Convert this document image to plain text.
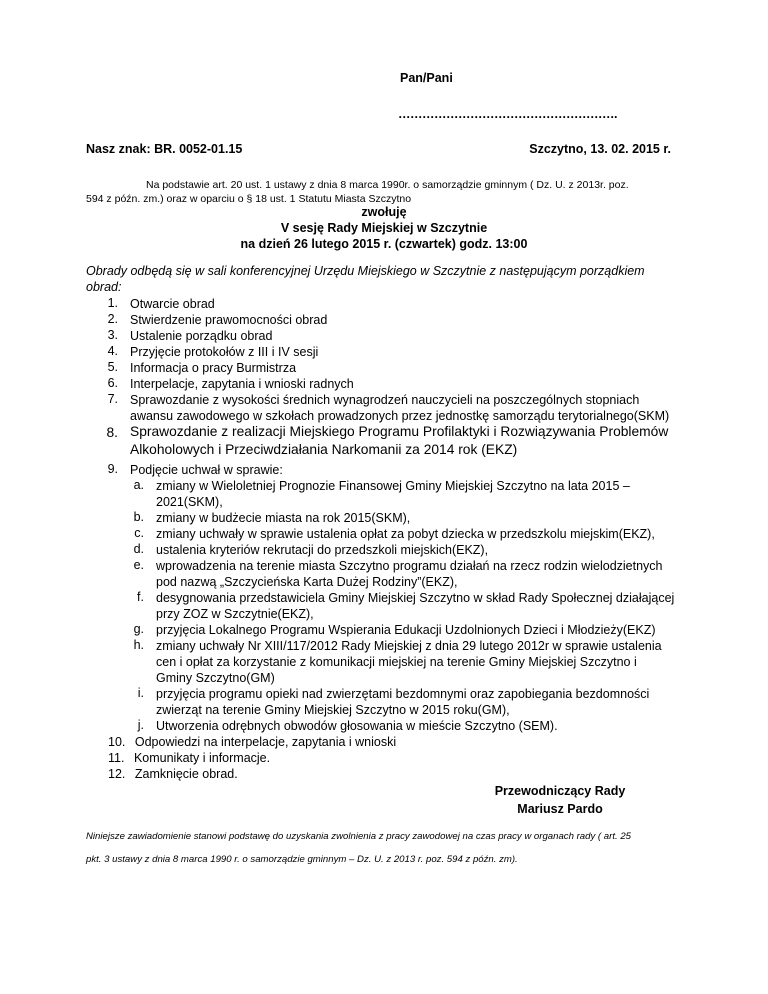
Pan/Pani
……………………………………………….
Nasz znak: BR. 0052-01.15	Szczytno, 13. 02. 2015 r.
Na podstawie art. 20 ust. 1 ustawy z dnia 8 marca 1990r. o samorządzie gminnym ( Dz. U. z 2013r. poz.
594 z późn. zm.) oraz w oparciu o § 18 ust. 1 Statutu Miasta Szczytno
zwołuję
V sesję Rady Miejskiej w Szczytnie
na dzień 26 lutego 2015 r. (czwartek) godz. 13:00
Obrady odbędą się w sali konferencyjnej Urzędu Miejskiego w Szczytnie z następującym porządkiem
obrad:
1. Otwarcie obrad
2. Stwierdzenie prawomocności obrad
3. Ustalenie porządku obrad
4. Przyjęcie protokołów z III i IV sesji
5. Informacja o pracy Burmistrza
6. Interpelacje, zapytania i wnioski radnych
7. Sprawozdanie z wysokości średnich wynagrodzeń nauczycieli na poszczególnych stopniach
awansu zawodowego w szkołach prowadzonych przez jednostkę samorządu terytorialnego(SKM)
8. Sprawozdanie z realizacji Miejskiego Programu Profilaktyki i Rozwiązywania Problemów
Alkoholowych i Przeciwdziałania Narkomanii za 2014 rok (EKZ)
9. Podjęcie uchwał w sprawie:
a. zmiany w Wieloletniej Prognozie Finansowej Gminy Miejskiej Szczytno na lata 2015 –
2021(SKM),
b. zmiany w budżecie miasta na rok 2015(SKM),
c. zmiany uchwały w sprawie ustalenia opłat za pobyt dziecka w przedszkolu miejskim(EKZ),
d. ustalenia kryteriów rekrutacji do przedszkoli miejskich(EKZ),
e. wprowadzenia na terenie miasta Szczytno programu działań na rzecz rodzin wielodzietnych
pod nazwą „Szczycieńska Karta Dużej Rodziny”(EKZ),
f. desygnowania przedstawiciela Gminy Miejskiej Szczytno w skład Rady Społecznej działającej
przy ZOZ w Szczytnie(EKZ),
g. przyjęcia Lokalnego Programu Wspierania Edukacji Uzdolnionych Dzieci i Młodzieży(EKZ)
h. zmiany uchwały Nr XIII/117/2012 Rady Miejskiej z dnia 29 lutego 2012r w sprawie ustalenia
cen i opłat za korzystanie z komunikacji miejskiej na terenie Gminy Miejskiej Szczytno i
Gminy Szczytno(GM)
i. przyjęcia programu opieki nad zwierzętami bezdomnymi oraz zapobiegania bezdomności
zwierząt na terenie Gminy Miejskiej Szczytno w 2015 roku(GM),
j. Utworzenia odrębnych obwodów głosowania w mieście Szczytno (SEM).
10. Odpowiedzi na interpelacje, zapytania i wnioski
11. Komunikaty i informacje.
12. Zamknięcie obrad.
Przewodniczący Rady
Mariusz Pardo
Niniejsze zawiadomienie stanowi podstawę do uzyskania zwolnienia z pracy zawodowej na czas pracy w organach rady ( art. 25
pkt. 3 ustawy z dnia 8 marca 1990 r. o samorządzie gminnym – Dz. U. z 2013 r. poz. 594 z późn. zm).
